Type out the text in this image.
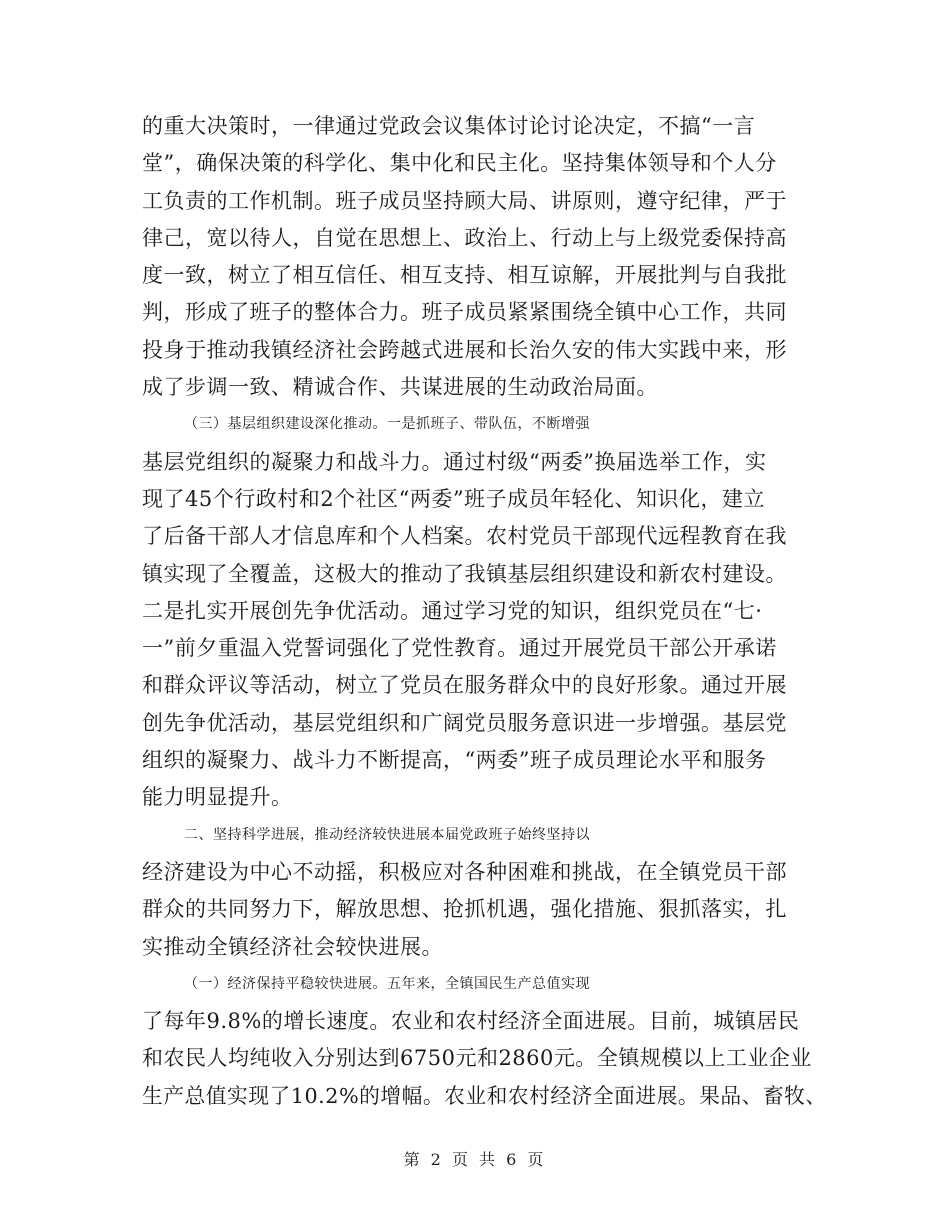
的重大决策时，一律通过党政会议集体讨论讨论决定，不搞“一言
堂”，确保决策的科学化、集中化和民主化。坚持集体领导和个人分
工负责的工作机制。班子成员坚持顾大局、讲原则，遵守纪律，严于
律己，宽以待人，自觉在思想上、政治上、行动上与上级党委保持高
度一致，树立了相互信任、相互支持、相互谅解，开展批判与自我批
判，形成了班子的整体合力。班子成员紧紧围绕全镇中心工作，共同
投身于推动我镇经济社会跨越式进展和长治久安的伟大实践中来，形
成了步调一致、精诚合作、共谋进展的生动政治局面。
（三）基层组织建设深化推动。一是抓班子、带队伍，不断增强
基层党组织的凝聚力和战斗力。通过村级“两委”换届选举工作，实
现了45个行政村和2个社区“两委”班子成员年轻化、知识化，建立
了后备干部人才信息库和个人档案。农村党员干部现代远程教育在我
镇实现了全覆盖，这极大的推动了我镇基层组织建设和新农村建设。
二是扎实开展创先争优活动。通过学习党的知识，组织党员在“七·
一”前夕重温入党誓词强化了党性教育。通过开展党员干部公开承诺
和群众评议等活动，树立了党员在服务群众中的良好形象。通过开展
创先争优活动，基层党组织和广阔党员服务意识进一步增强。基层党
组织的凝聚力、战斗力不断提高，“两委”班子成员理论水平和服务
能力明显提升。
二、坚持科学进展，推动经济较快进展本届党政班子始终坚持以
经济建设为中心不动摇，积极应对各种困难和挑战，在全镇党员干部
群众的共同努力下，解放思想、抢抓机遇，强化措施、狠抓落实，扎
实推动全镇经济社会较快进展。
（一）经济保持平稳较快进展。五年来，全镇国民生产总值实现
了每年9.8%的增长速度。农业和农村经济全面进展。目前，城镇居民
和农民人均纯收入分别达到6750元和2860元。全镇规模以上工业企业
生产总值实现了10.2%的增幅。农业和农村经济全面进展。果品、畜牧、
第 2 页 共 6 页
